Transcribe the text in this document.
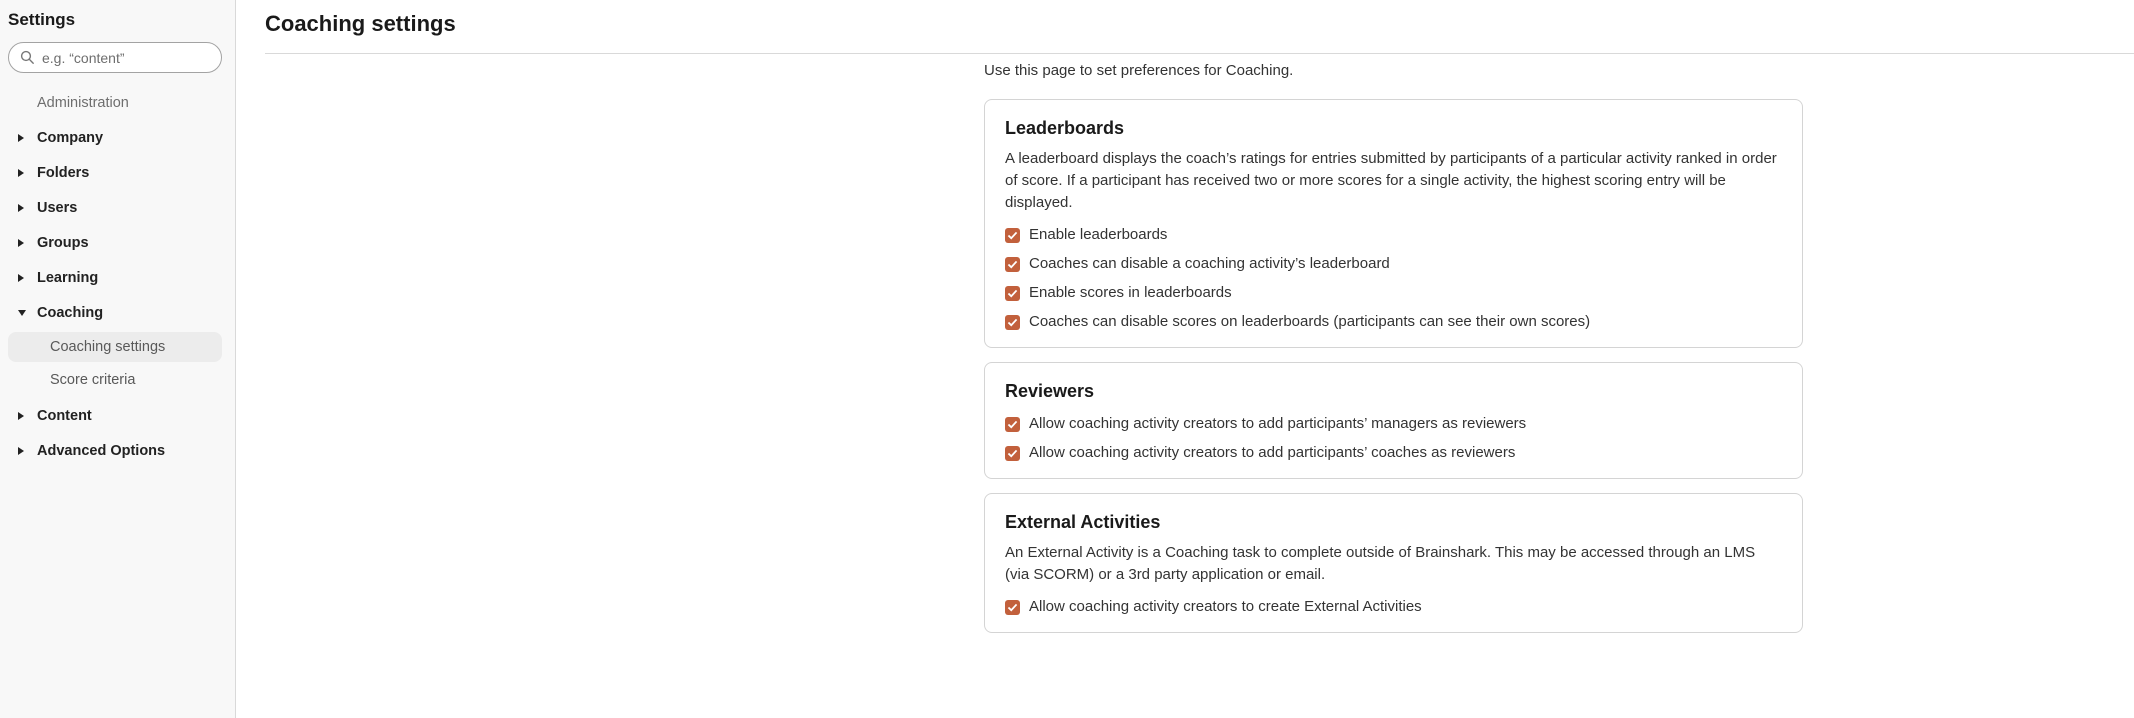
Settings
e.g. “content”
Administration
Company
Folders
Users
Groups
Learning
Coaching
Coaching settings
Score criteria
Content
Advanced Options
Coaching settings

Use this page to set preferences for Coaching.

Leaderboards

A leaderboard displays the coach’s ratings for entries submitted by participants of a particular activity ranked in order of score. If a participant has received two or more scores for a single activity, the highest scoring entry will be displayed.

Enable leaderboards
Coaches can disable a coaching activity’s leaderboard
Enable scores in leaderboards
Coaches can disable scores on leaderboards (participants can see their own scores)
Reviewers
Allow coaching activity creators to add participants’ managers as reviewers
Allow coaching activity creators to add participants’ coaches as reviewers
External Activities

An External Activity is a Coaching task to complete outside of Brainshark. This may be accessed through an LMS (via SCORM) or a 3rd party application or email.

Allow coaching activity creators to create External Activities
